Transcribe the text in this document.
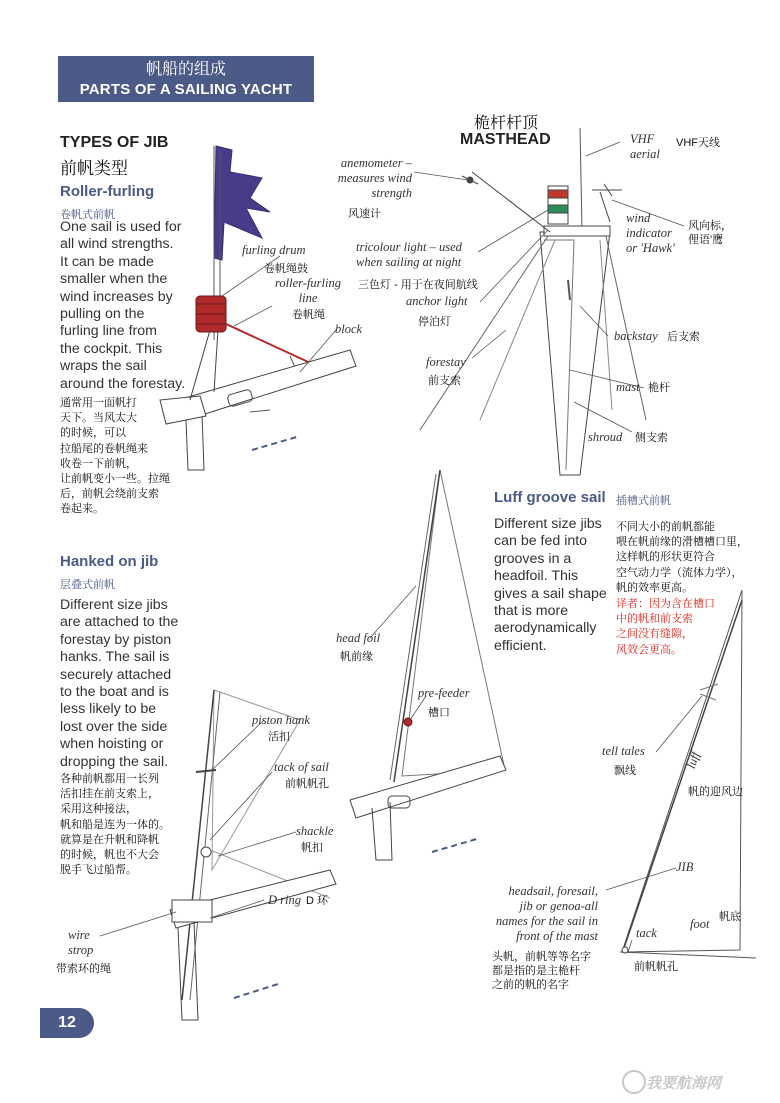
帆船的组成
PARTS OF A SAILING YACHT
TYPES OF JIB
前帆类型
Roller-furling
卷帆式前帆
One sail is used for
all wind strengths.
It can be made
smaller when the
wind increases by
pulling on the
furling line from
the cockpit. This
wraps the sail
around the forestay.
通常用一面帆打
天下。当风太大
的时候，可以
拉船尾的卷帆绳来
收卷一下前帆，
让前帆变小一些。拉绳
后，前帆会绕前支索
卷起来。
Hanked on jib
层叠式前帆
Different size jibs
are attached to the
forestay by piston
hanks. The sail is
securely attached
to the boat and is
less likely to be
lost over the side
when hoisting or
dropping the sail.
各种前帆都用一长列
活扣挂在前支索上，
采用这种接法，
帆和船是连为一体的。
就算是在升帆和降帆
的时候，帆也不大会
脱手飞过船帮。
桅杆杆顶
MASTHEAD	VHF
aerial
VHF天线
anemometer –
measures wind
strength
风速计	wind
indicator
or 'Hawk'
风向标，
俚语'鹰
tricolour light – used
when sailing at night
三色灯 - 用于在夜间航线
anchor light
停泊灯
backstay 后支索
forestay
前支索	mast 桅杆
shroud 侧支索
furling drum
卷帆绳鼓
roller-furling
line
卷帆绳
block
Luff groove sail 插槽式前帆
Different size jibs
can be fed into
grooves in a
headfoil. This
gives a sail shape
that is more
aerodynamically
efficient.
不同大小的前帆都能
喂在帆前缘的滑槽槽口里，
这样帆的形状更符合
空气动力学（流体力学），
帆的效率更高。
译者：因为含在槽口
中的帆和前支索
之间没有缝隙，
风效会更高。
head foil
帆前缘
pre-feeder
槽口
piston hank
活扣
tack of sail
前帆帆孔
shackle
帆扣
D ring D 环
wire
strop
带索环的绳
tell tales
飘线
luff
帆的迎风边
JIB
headsail, foresail,
jib or genoa-all
names for the sail in
front of the mast
头帆，前帆等等名字
都是指的是主桅杆
之前的帆的名字
tack
前帆帆孔
foot 帆底
12
我要航海网
